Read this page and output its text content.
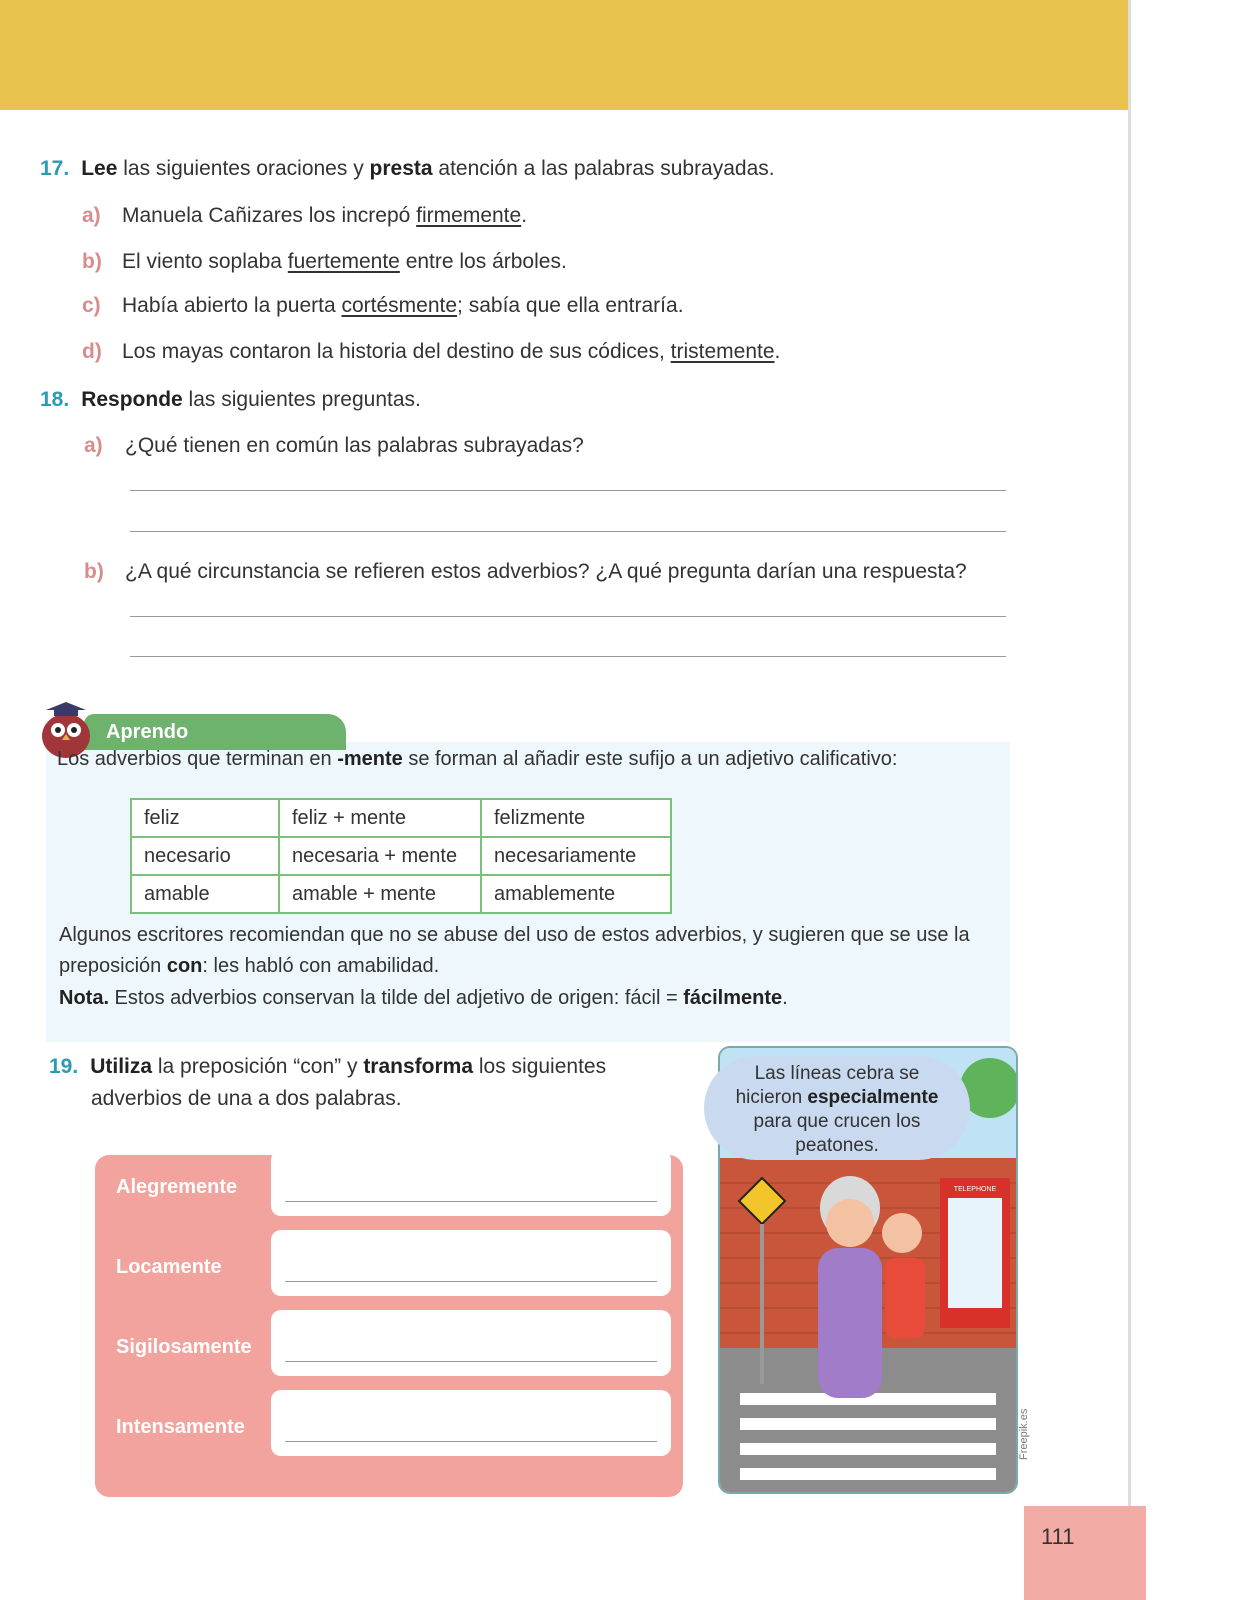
17. Lee las siguientes oraciones y presta atención a las palabras subrayadas.
a) Manuela Cañizares los increpó firmemente.
b) El viento soplaba fuertemente entre los árboles.
c) Había abierto la puerta cortésmente; sabía que ella entraría.
d) Los mayas contaron la historia del destino de sus códices, tristemente.
18. Responde las siguientes preguntas.
a) ¿Qué tienen en común las palabras subrayadas?
b) ¿A qué circunstancia se refieren estos adverbios? ¿A qué pregunta darían una respuesta?
Aprendo
Los adverbios que terminan en -mente se forman al añadir este sufijo a un adjetivo calificativo:
feliz	feliz + mente	felizmente
necesario	necesaria + mente	necesariamente
amable	amable + mente	amablemente
Algunos escritores recomiendan que no se abuse del uso de estos adverbios, y sugieren que se use la
preposición con: les habló con amabilidad.
Nota. Estos adverbios conservan la tilde del adjetivo de origen: fácil = fácilmente.
19. Utiliza la preposición “con” y transforma los siguientes
adverbios de una a dos palabras.
Alegremente
Locamente
Sigilosamente
Intensamente
TELEPHONE
Las líneas cebra se
hicieron especialmente
para que crucen los
peatones.
Freepik.es
111
